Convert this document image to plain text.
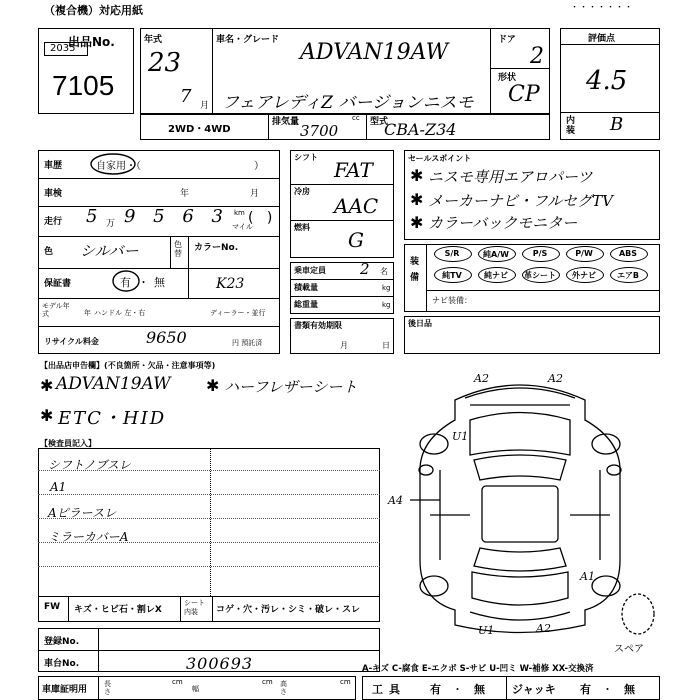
（複合機）対応用紙	・・・・・・・
出品No.
2035
7105
年式
23
7 月
車名・グレード ADVAN19AW
フェアレディZ バージョンニスモ
ドア
2
形状
CP
評価点
4.5
内装 B
2WD・4WD
排気量	cc
3700	型式
CBA-Z34
車歴	自家用・（	）
車検	年	月
走行 5 万 9 5 6 3 km
マイル
(   )
色 シルバー	色替
カラーNo.
K23
保証書	有 ・ 無
モデル年式	年 ハンドル 左・右	ディーラー・並行
リサイクル料金	9650	円 預託済
シフト
FAT
冷房
AAC
燃料
G
乗車定員 2 名
積載量	kg
総重量	kg
書類有効期限
月	日
セールスポイント
✱ ニスモ専用エアロパーツ
✱ メーカーナビ・フルセグTV
✱ カラーバックモニター
装備
S/R	純A/W	P/S	P/W	ABS
純TV	純ナビ	革シート	外ナビ	エアB
ナビ装備：
後日品
【出品店申告欄】(不良箇所・欠品・注意事項等)
✱ ADVAN19AW ✱ ハーフレザーシート
✱ ETC・HID
【検査員記入】
シフトノブスレ
A1
Aピラースレ
ミラーカバーA
FW キズ・ヒビ石・割レX
シート内装	コゲ・穴・汚レ・シミ・破レ・スレ
登録No.
車台No.	300693
車庫証明用
長さ
cm
幅
cm 高さ
cm
A-キズ C-腐食 E-エクボ S-サビ U-凹ミ W-補修 XX-交換済
工具 有 ・ 無 ジャッキ 有 ・ 無
A2	A2
U1
A4
A1
U1	A2
スペア
